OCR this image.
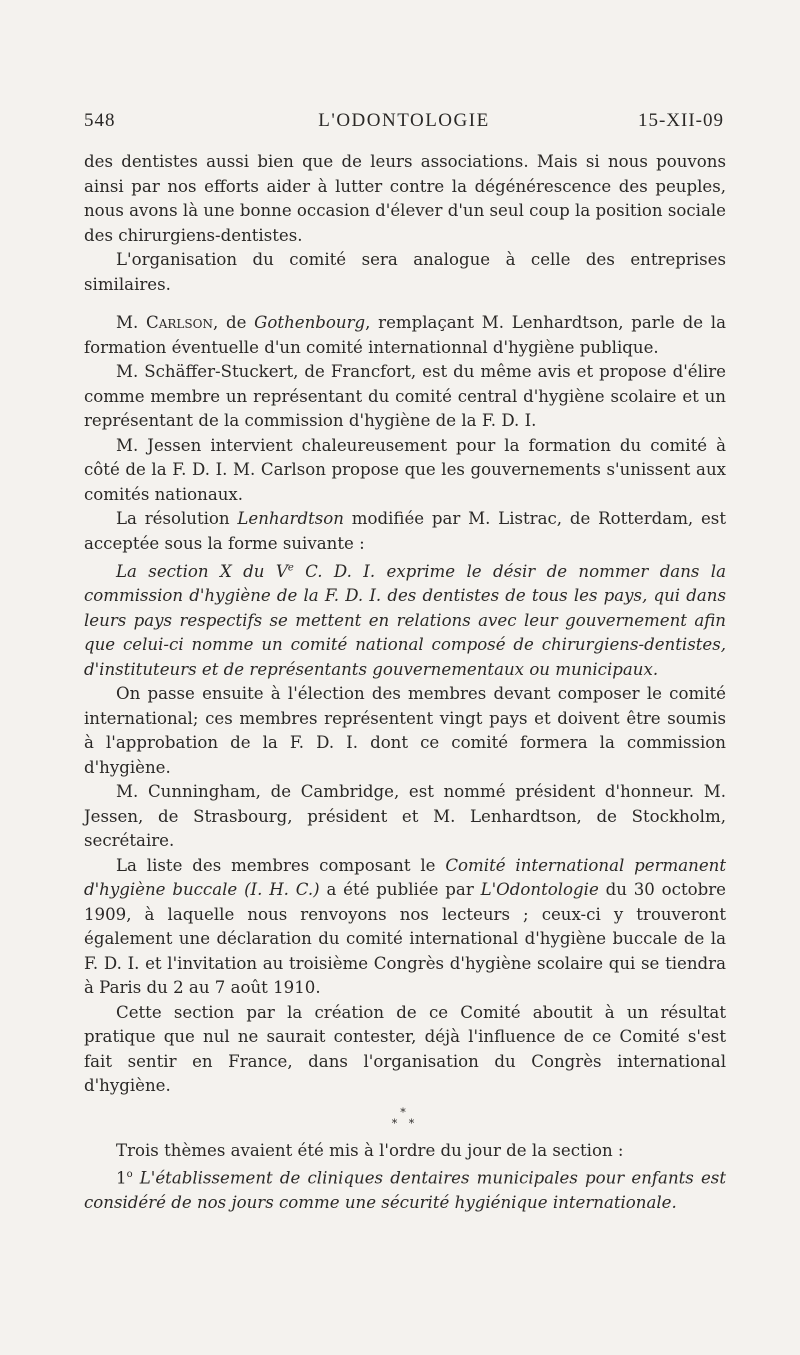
548	L'ODONTOLOGIE	15-XII-09

des dentistes aussi bien que de leurs associations. Mais si nous pouvons ainsi par nos efforts aider à lutter contre la dégénérescence des peuples, nous avons là une bonne occasion d'élever d'un seul coup la position sociale des chirurgiens-dentistes.

L'organisation du comité sera analogue à celle des entreprises similaires.

M. Carlson, de Gothenbourg, remplaçant M. Lenhardtson, parle de la formation éventuelle d'un comité internationnal d'hygiène publique.

M. Schäffer-Stuckert, de Francfort, est du même avis et propose d'élire comme membre un représentant du comité central d'hygiène scolaire et un représentant de la commission d'hygiène de la F. D. I.

M. Jessen intervient chaleureusement pour la formation du comité à côté de la F. D. I. M. Carlson propose que les gouvernements s'unissent aux comités nationaux.

La résolution Lenhardtson modifiée par M. Listrac, de Rotterdam, est acceptée sous la forme suivante :

La section X du Ve C. D. I. exprime le désir de nommer dans la commission d'hygiène de la F. D. I. des dentistes de tous les pays, qui dans leurs pays respectifs se mettent en relations avec leur gouvernement afin que celui-ci nomme un comité national composé de chirurgiens-dentistes, d'instituteurs et de représentants gouvernementaux ou municipaux.

On passe ensuite à l'élection des membres devant composer le comité international; ces membres représentent vingt pays et doivent être soumis à l'approbation de la F. D. I. dont ce comité formera la commission d'hygiène.

M. Cunningham, de Cambridge, est nommé président d'honneur. M. Jessen, de Strasbourg, président et M. Lenhardtson, de Stockholm, secrétaire.

La liste des membres composant le Comité international permanent d'hygiène buccale (I. H. C.) a été publiée par L'Odontologie du 30 octobre 1909, à laquelle nous renvoyons nos lecteurs ; ceux-ci y trouveront également une déclaration du comité international d'hygiène buccale de la F. D. I. et l'invitation au troisième Congrès d'hygiène scolaire qui se tiendra à Paris du 2 au 7 août 1910.

Cette section par la création de ce Comité aboutit à un résultat pratique que nul ne saurait contester, déjà l'influence de ce Comité s'est fait sentir en France, dans l'organisation du Congrès international d'hygiène.

*
* *

Trois thèmes avaient été mis à l'ordre du jour de la section :

1$^o$ L'établissement de cliniques dentaires municipales pour enfants est considéré de nos jours comme une sécurité hygiénique internationale.
